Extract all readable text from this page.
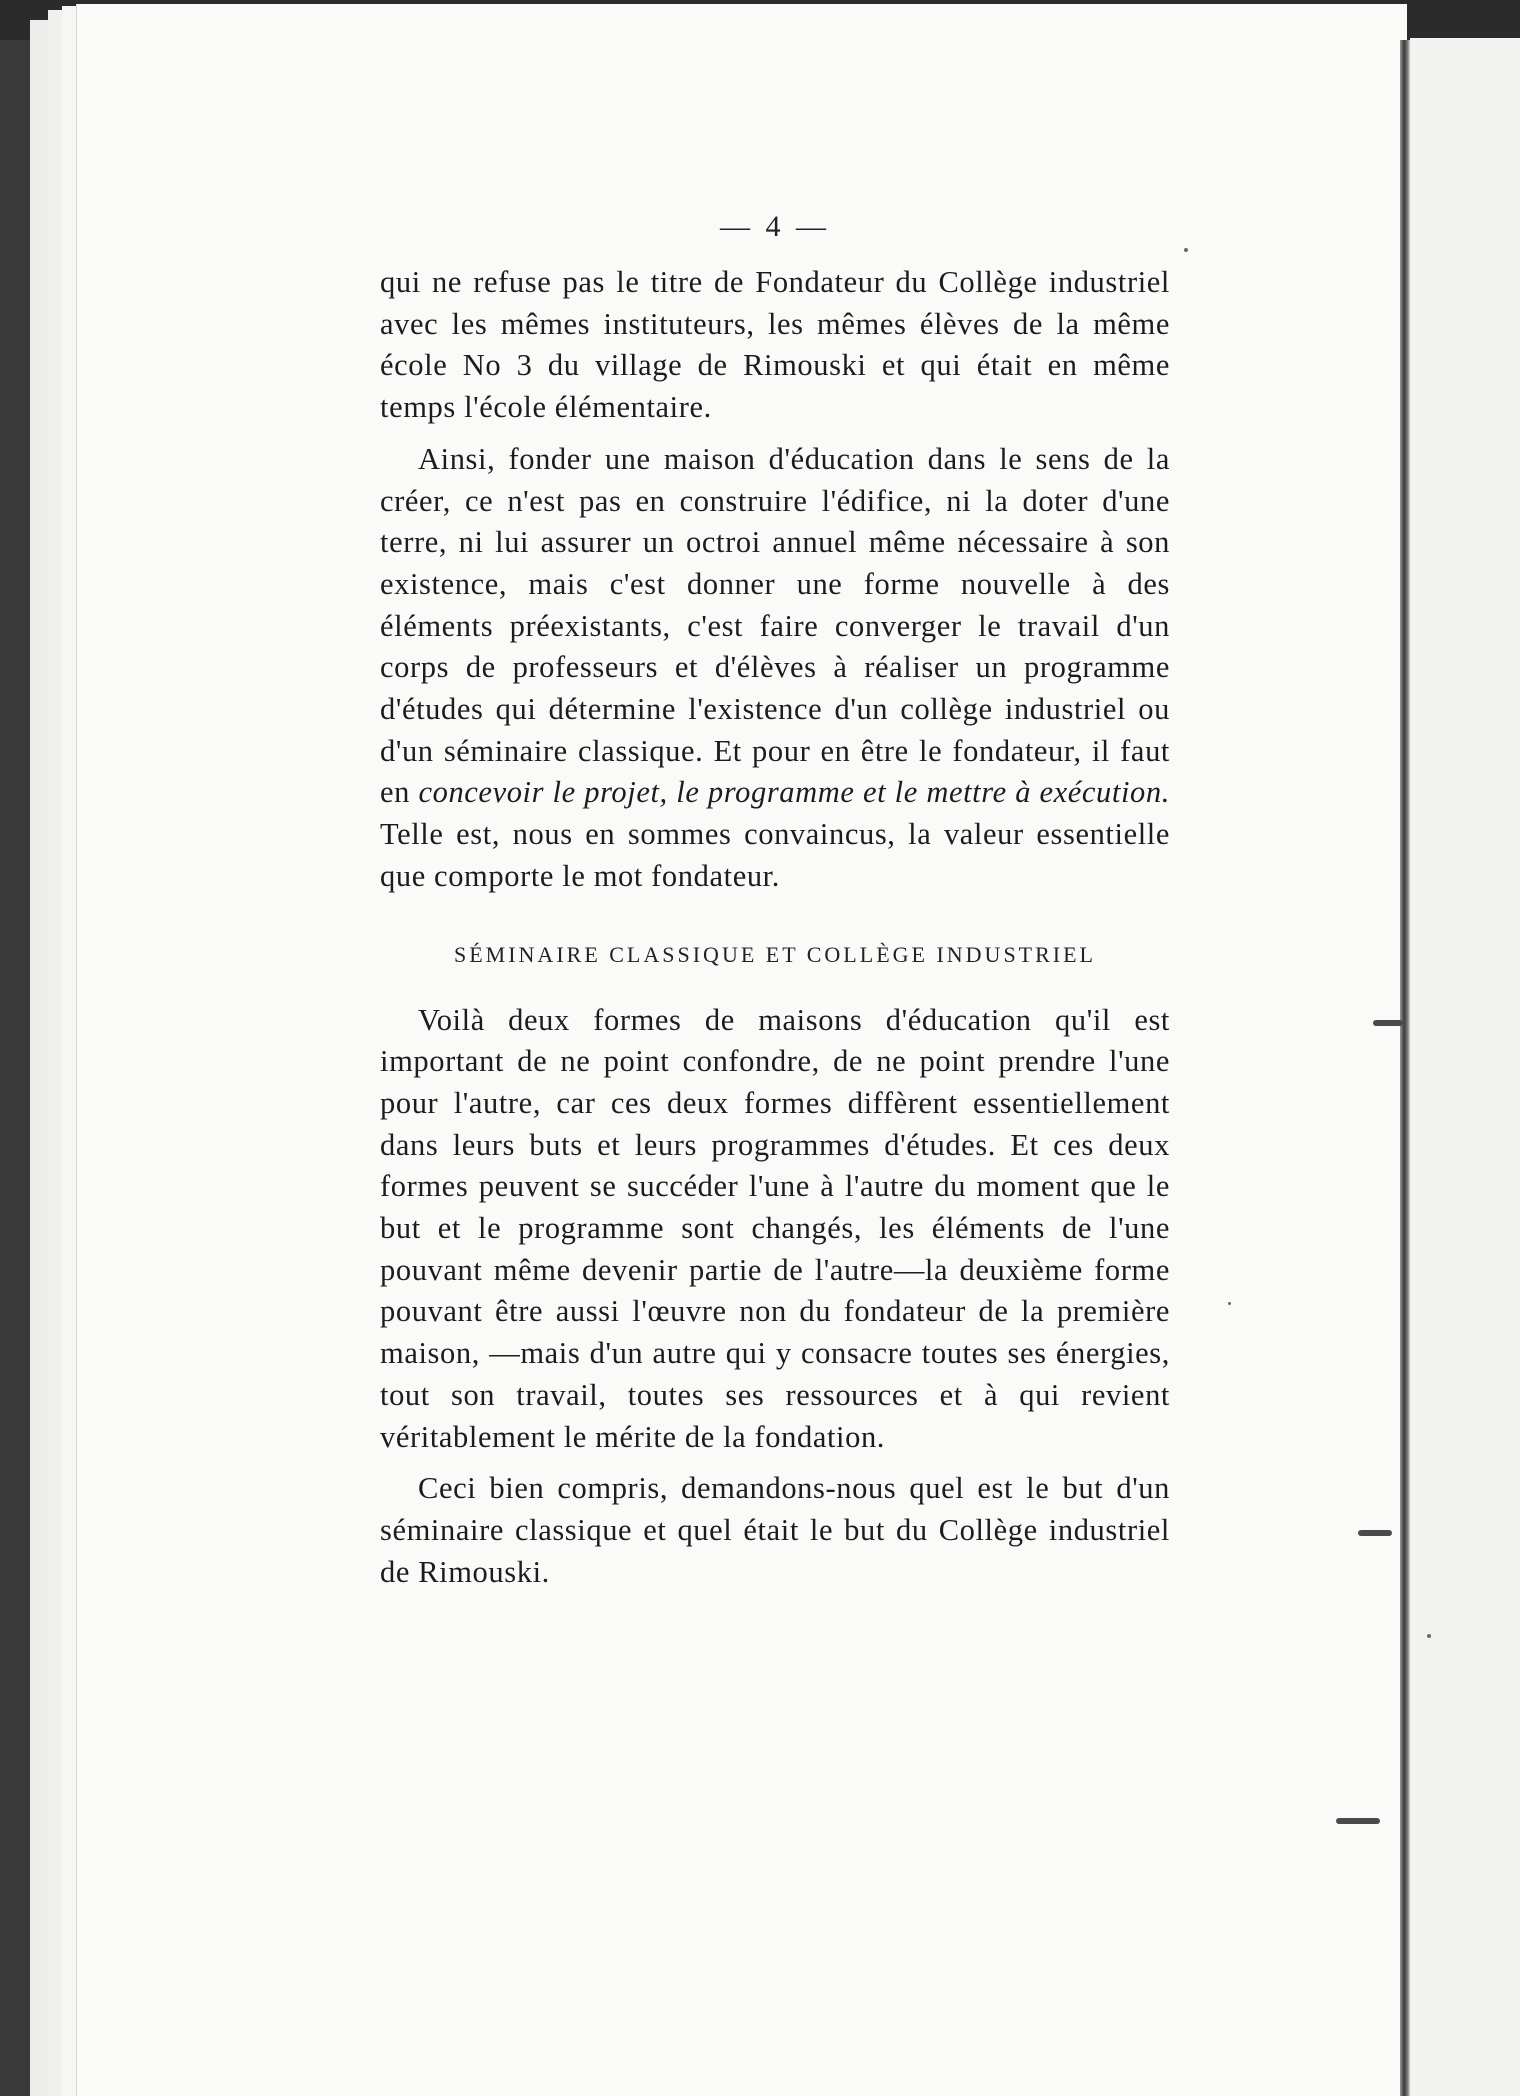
— 4 —

qui ne refuse pas le titre de Fondateur du Collège industriel avec les mêmes instituteurs, les mêmes élèves de la même école No 3 du village de Rimouski et qui était en même temps l'école élémentaire.

Ainsi, fonder une maison d'éducation dans le sens de la créer, ce n'est pas en construire l'édifice, ni la doter d'une terre, ni lui assurer un octroi annuel même nécessaire à son existence, mais c'est donner une forme nouvelle à des éléments préexistants, c'est faire converger le travail d'un corps de professeurs et d'élèves à réaliser un programme d'études qui détermine l'existence d'un collège industriel ou d'un séminaire classique. Et pour en être le fondateur, il faut en concevoir le projet, le programme et le mettre à exécution. Telle est, nous en sommes convaincus, la valeur essentielle que comporte le mot fondateur.

SÉMINAIRE CLASSIQUE ET COLLÈGE INDUSTRIEL

Voilà deux formes de maisons d'éducation qu'il est important de ne point confondre, de ne point prendre l'une pour l'autre, car ces deux formes diffèrent essentiellement dans leurs buts et leurs programmes d'études. Et ces deux formes peuvent se succéder l'une à l'autre du moment que le but et le programme sont changés, les éléments de l'une pouvant même devenir partie de l'autre—la deuxième forme pouvant être aussi l'œuvre non du fondateur de la première maison, —mais d'un autre qui y consacre toutes ses énergies, tout son travail, toutes ses ressources et à qui revient véritablement le mérite de la fondation.

Ceci bien compris, demandons-nous quel est le but d'un séminaire classique et quel était le but du Collège industriel de Rimouski.
